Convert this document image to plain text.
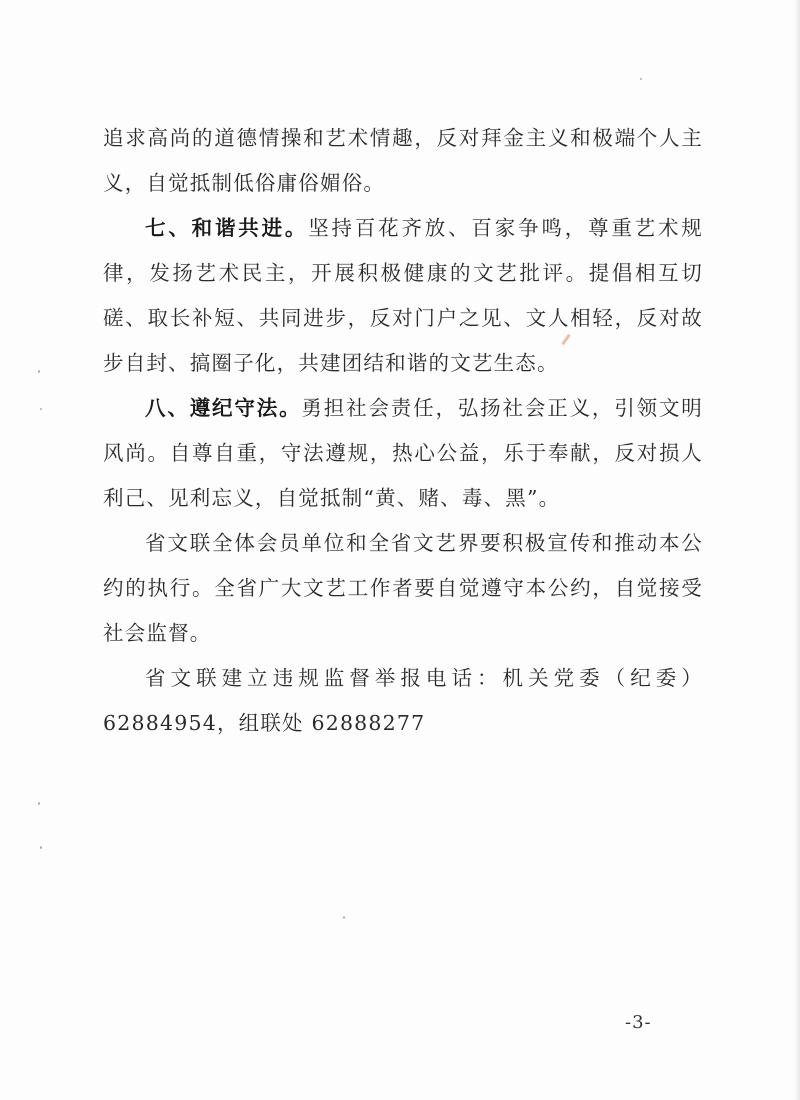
追求高尚的道德情操和艺术情趣，反对拜金主义和极端个人主义，自觉抵制低俗庸俗媚俗。

七、和谐共进。坚持百花齐放、百家争鸣，尊重艺术规律，发扬艺术民主，开展积极健康的文艺批评。提倡相互切磋、取长补短、共同进步，反对门户之见、文人相轻，反对故步自封、搞圈子化，共建团结和谐的文艺生态。

八、遵纪守法。勇担社会责任，弘扬社会正义，引领文明风尚。自尊自重，守法遵规，热心公益，乐于奉献，反对损人利己、见利忘义，自觉抵制“黄、赌、毒、黑”。

省文联全体会员单位和全省文艺界要积极宣传和推动本公约的执行。全省广大文艺工作者要自觉遵守本公约，自觉接受社会监督。

省文联建立违规监督举报电话：机关党委（纪委）62884954，组联处 62888277

-3-
